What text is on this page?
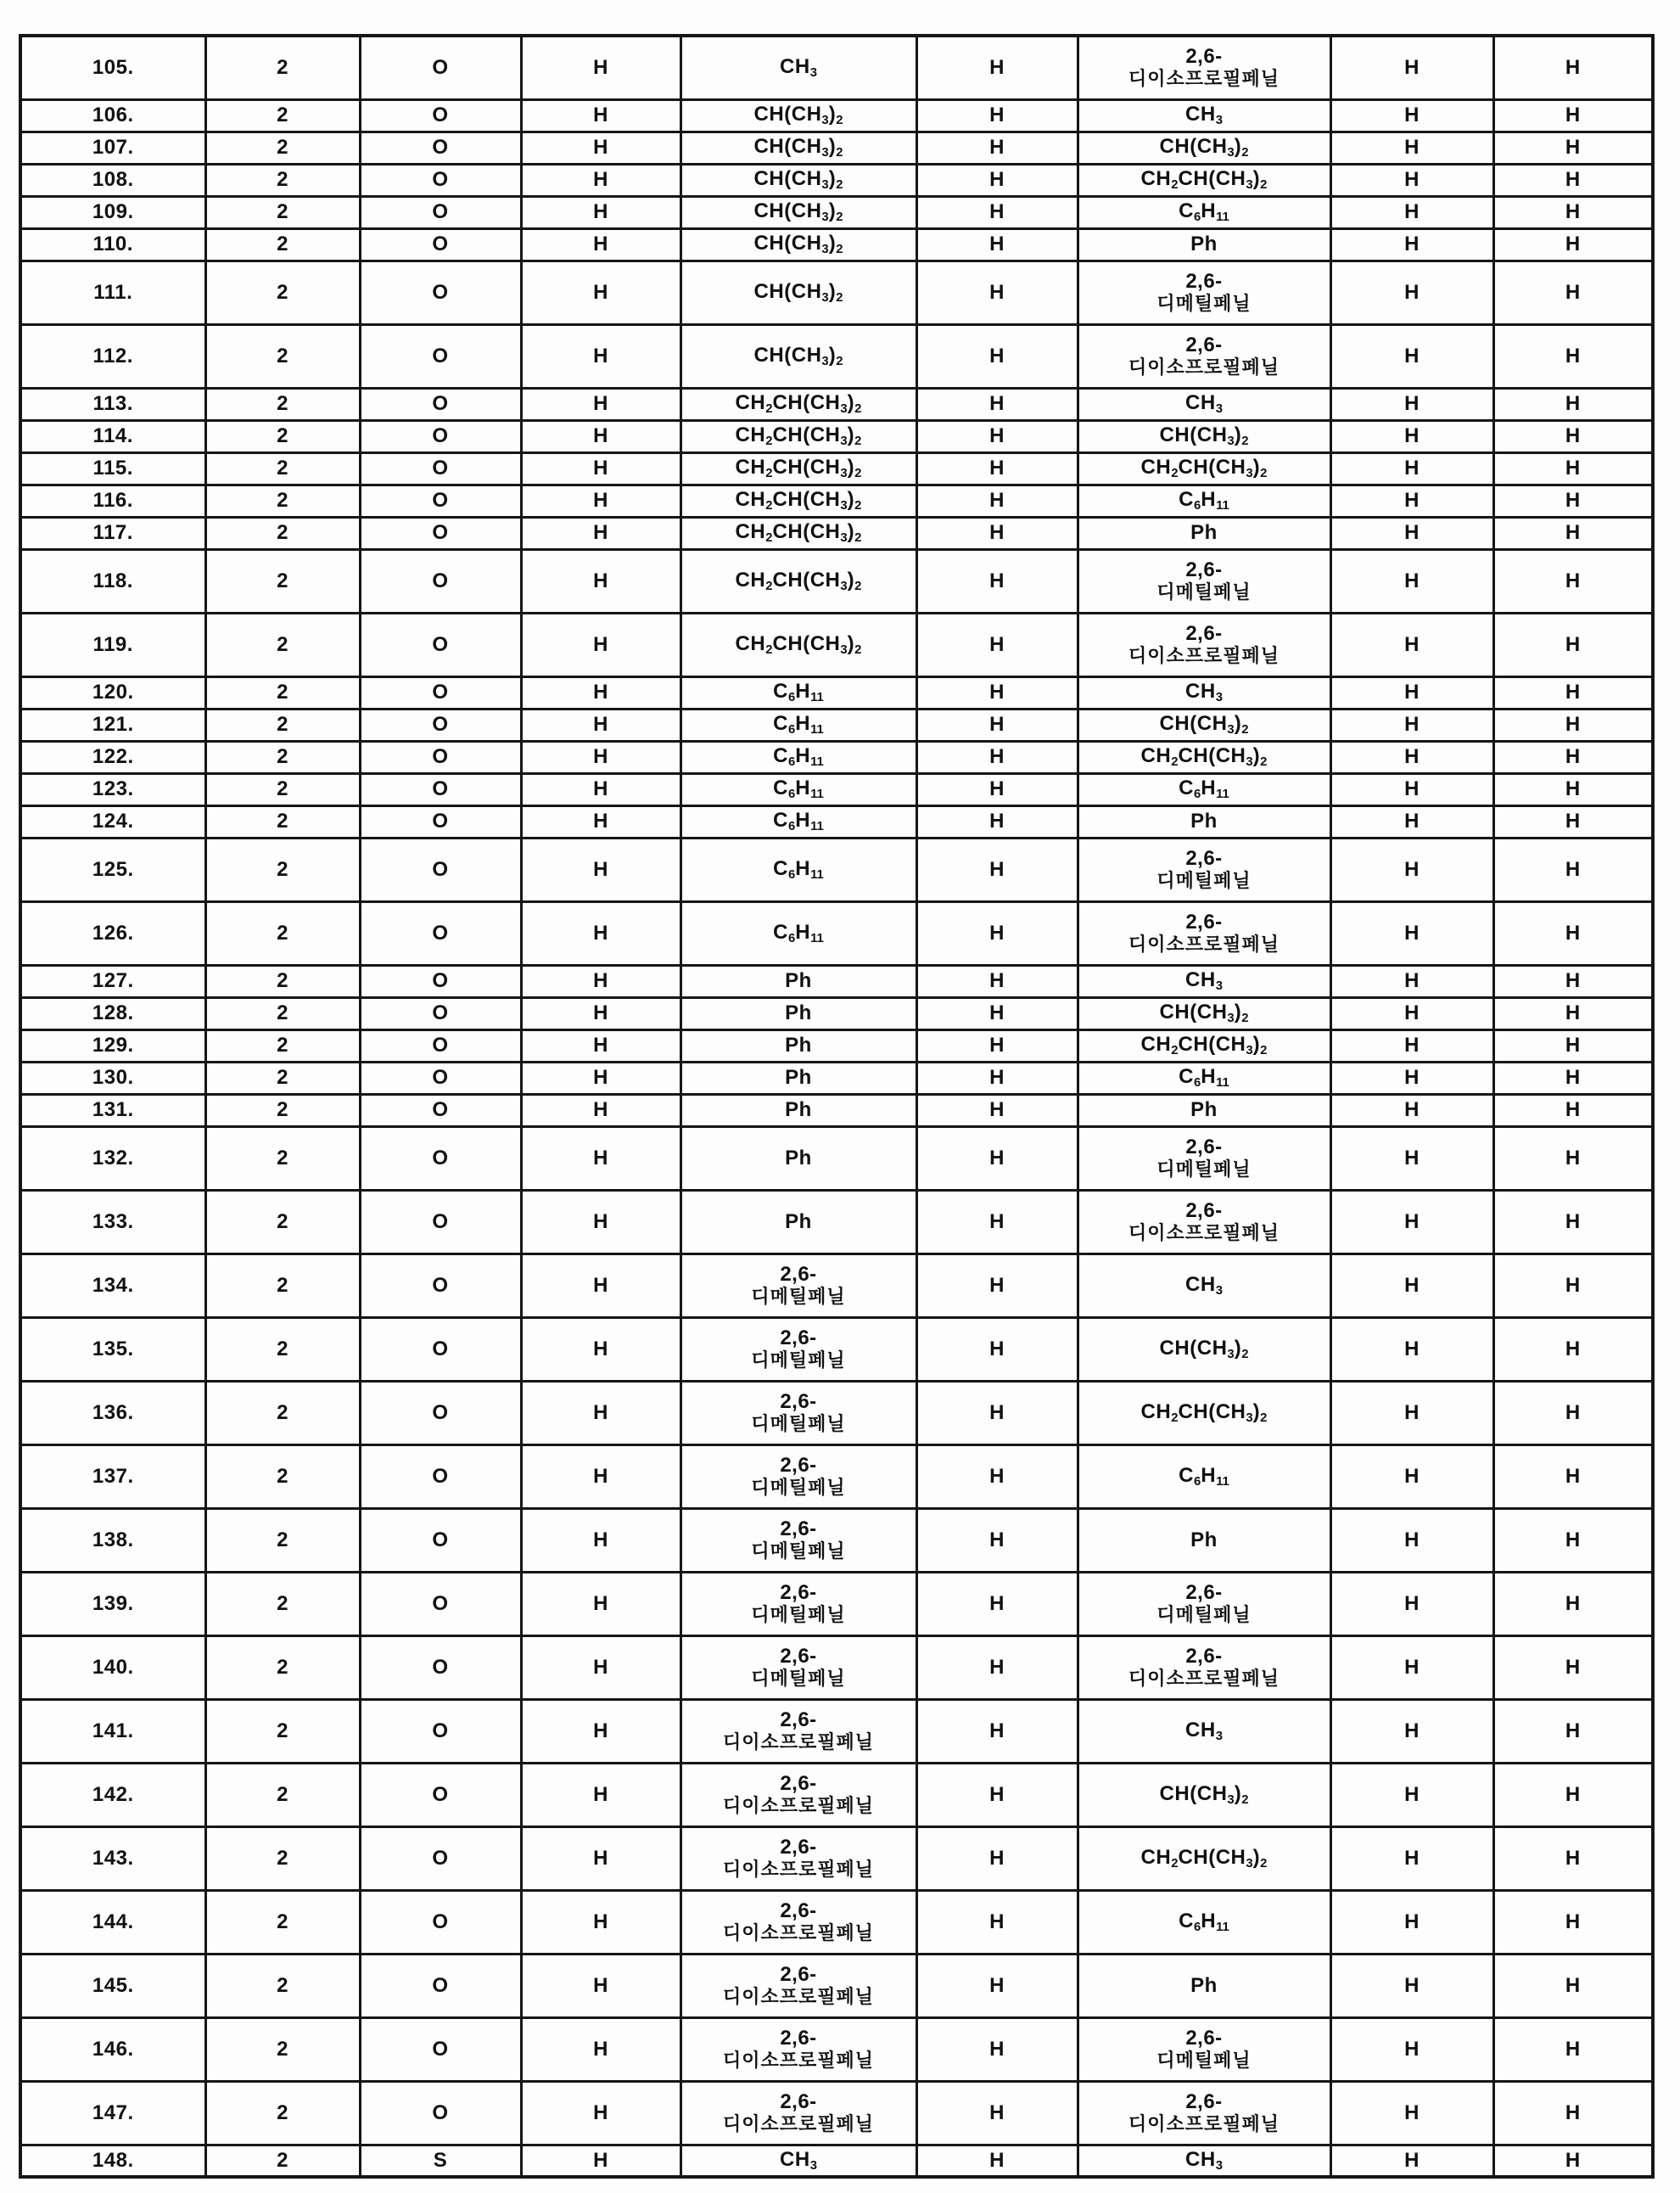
105.	2	O	H	$CH_3$	H	2,6-
디이소프로필페닐	H	H
106.	2	O	H	$CH(CH_3)_2$	H	$CH_3$	H	H
107.	2	O	H	$CH(CH_3)_2$	H	$CH(CH_3)_2$	H	H
108.	2	O	H	$CH(CH_3)_2$	H	$CH_2CH(CH_3)_2$	H	H
109.	2	O	H	$CH(CH_3)_2$	H	$C_6H_{11}$	H	H
110.	2	O	H	$CH(CH_3)_2$	H	Ph	H	H
111.	2	O	H	$CH(CH_3)_2$	H	2,6-
디메틸페닐	H	H
112.	2	O	H	$CH(CH_3)_2$	H	2,6-
디이소프로필페닐	H	H
113.	2	O	H	$CH_2CH(CH_3)_2$	H	$CH_3$	H	H
114.	2	O	H	$CH_2CH(CH_3)_2$	H	$CH(CH_3)_2$	H	H
115.	2	O	H	$CH_2CH(CH_3)_2$	H	$CH_2CH(CH_3)_2$	H	H
116.	2	O	H	$CH_2CH(CH_3)_2$	H	$C_6H_{11}$	H	H
117.	2	O	H	$CH_2CH(CH_3)_2$	H	Ph	H	H
118.	2	O	H	$CH_2CH(CH_3)_2$	H	2,6-
디메틸페닐	H	H
119.	2	O	H	$CH_2CH(CH_3)_2$	H	2,6-
디이소프로필페닐	H	H
120.	2	O	H	$C_6H_{11}$	H	$CH_3$	H	H
121.	2	O	H	$C_6H_{11}$	H	$CH(CH_3)_2$	H	H
122.	2	O	H	$C_6H_{11}$	H	$CH_2CH(CH_3)_2$	H	H
123.	2	O	H	$C_6H_{11}$	H	$C_6H_{11}$	H	H
124.	2	O	H	$C_6H_{11}$	H	Ph	H	H
125.	2	O	H	$C_6H_{11}$	H	2,6-
디메틸페닐	H	H
126.	2	O	H	$C_6H_{11}$	H	2,6-
디이소프로필페닐	H	H
127.	2	O	H	Ph	H	$CH_3$	H	H
128.	2	O	H	Ph	H	$CH(CH_3)_2$	H	H
129.	2	O	H	Ph	H	$CH_2CH(CH_3)_2$	H	H
130.	2	O	H	Ph	H	$C_6H_{11}$	H	H
131.	2	O	H	Ph	H	Ph	H	H
132.	2	O	H	Ph	H	2,6-
디메틸페닐	H	H
133.	2	O	H	Ph	H	2,6-
디이소프로필페닐	H	H
134.	2	O	H	2,6-
디메틸페닐	H	$CH_3$	H	H
135.	2	O	H	2,6-
디메틸페닐	H	$CH(CH_3)_2$	H	H
136.	2	O	H	2,6-
디메틸페닐	H	$CH_2CH(CH_3)_2$	H	H
137.	2	O	H	2,6-
디메틸페닐	H	$C_6H_{11}$	H	H
138.	2	O	H	2,6-
디메틸페닐	H	Ph	H	H
139.	2	O	H	2,6-
디메틸페닐	H	2,6-
디메틸페닐	H	H
140.	2	O	H	2,6-
디메틸페닐	H	2,6-
디이소프로필페닐	H	H
141.	2	O	H	2,6-
디이소프로필페닐	H	$CH_3$	H	H
142.	2	O	H	2,6-
디이소프로필페닐	H	$CH(CH_3)_2$	H	H
143.	2	O	H	2,6-
디이소프로필페닐	H	$CH_2CH(CH_3)_2$	H	H
144.	2	O	H	2,6-
디이소프로필페닐	H	$C_6H_{11}$	H	H
145.	2	O	H	2,6-
디이소프로필페닐	H	Ph	H	H
146.	2	O	H	2,6-
디이소프로필페닐	H	2,6-
디메틸페닐	H	H
147.	2	O	H	2,6-
디이소프로필페닐	H	2,6-
디이소프로필페닐	H	H
148.	2	S	H	$CH_3$	H	$CH_3$	H	H
